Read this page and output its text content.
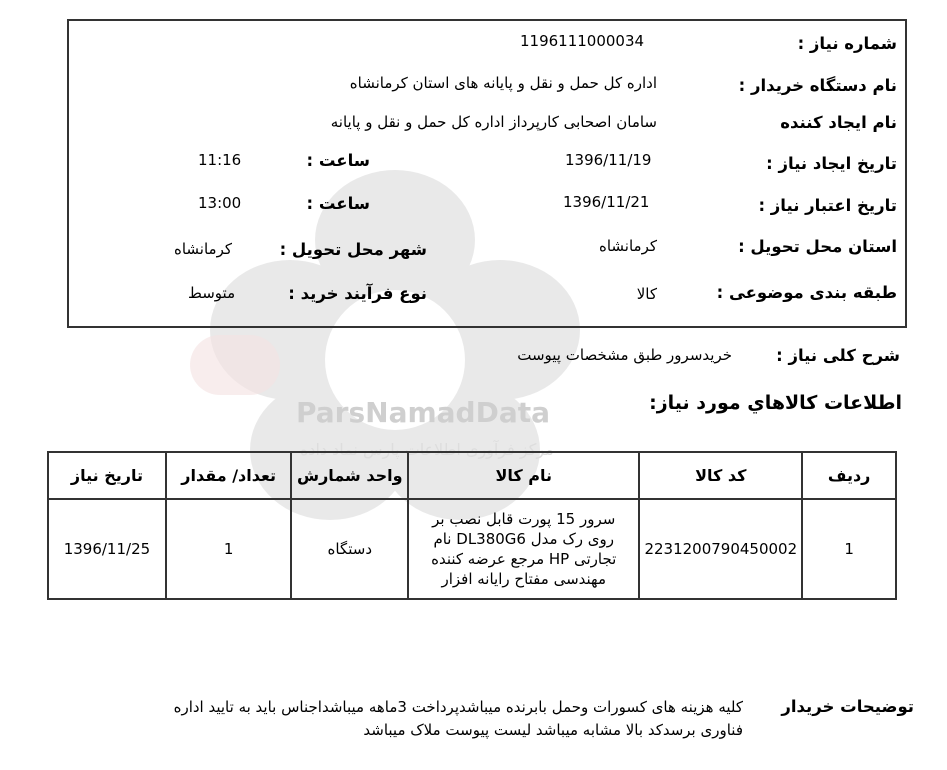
ParsNamadData
مرکز فرآوری اطلاعات پارس نماد داده
شماره نیاز :
1196111000034
نام دستگاه خریدار :
اداره کل حمل و نقل و پایانه های استان کرمانشاه
نام ایجاد کننده
سامان اصحابی کارپرداز اداره کل حمل و نقل و پایانه
تاریخ ایجاد نیاز :
1396/11/19
ساعت :
11:16
تاریخ اعتبار نیاز :
1396/11/21
ساعت :
13:00
استان محل تحویل :
کرمانشاه
شهر محل تحویل :
کرمانشاه
طبقه بندی موضوعی :
کالا
نوع فرآیند خرید :
متوسط
شرح کلی نیاز :
خریدسرور طبق مشخصات پیوست
اطلاعات كالاهاي مورد نياز:
ردیف	کد کالا	نام کالا	واحد شمارش	تعداد/ مقدار	تاریخ نیاز
1	2231200790450002	سرور 15 پورت قابل نصب بر
روی رک مدل DL380G6 نام
تجارتی HP مرجع عرضه کننده
مهندسی مفتاح رایانه افزار	دستگاه	1	1396/11/25
توضیحات خریدار
کلیه هزینه های کسورات وحمل بابرنده میباشدپرداخت 3ماهه میباشداجناس باید به تایید اداره
فناوری برسدکد بالا مشابه میباشد لیست پیوست ملاک میباشد
